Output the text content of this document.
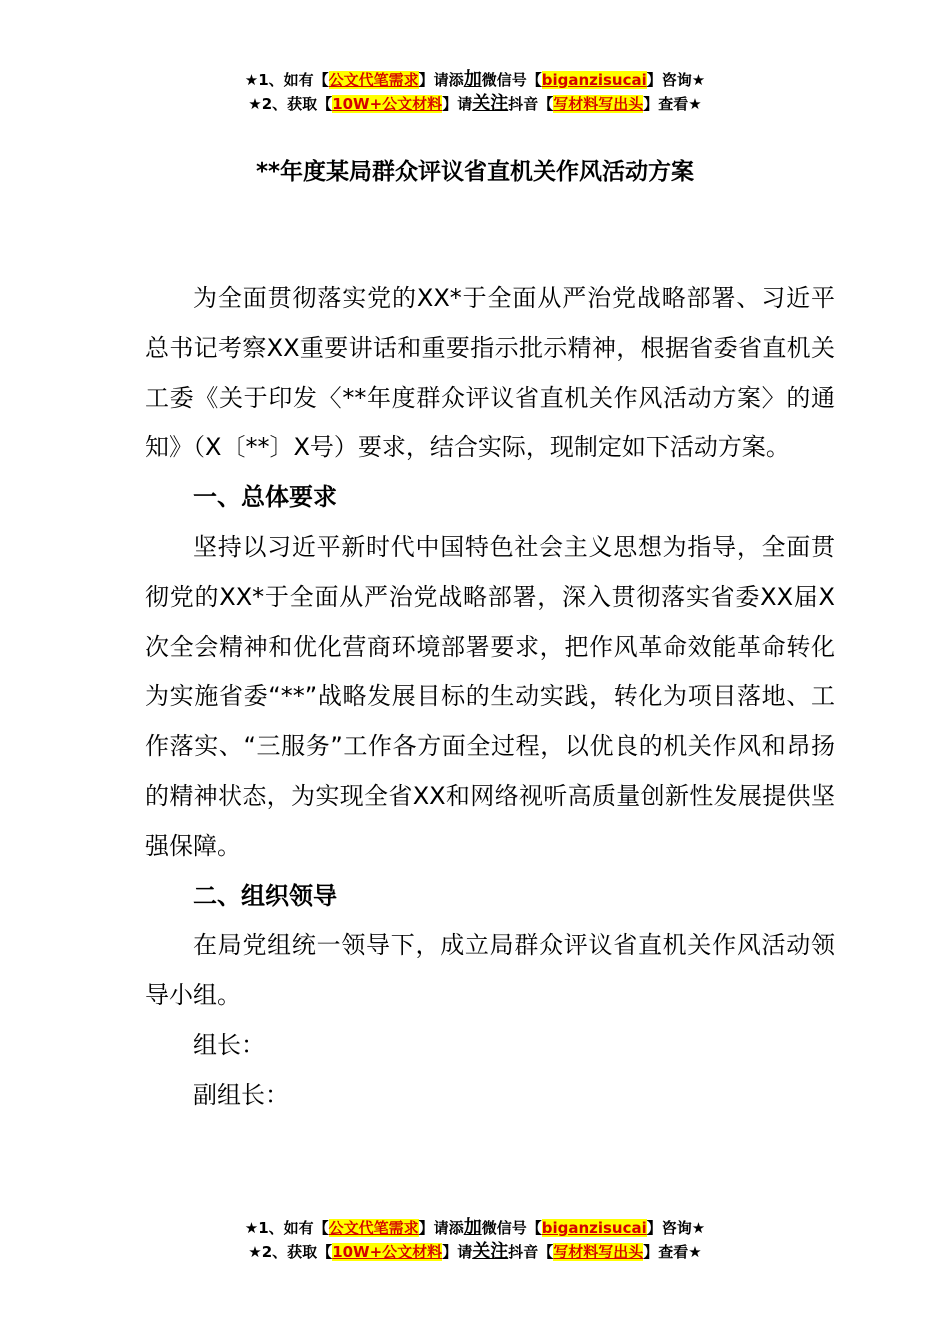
★1、如有【公文代笔需求】请添加微信号【biganzisucai】咨询★
★2、获取【10W+公文材料】请关注抖音【写材料写出头】查看★
**年度某局群众评议省直机关作风活动方案

为全面贯彻落实党的XX*于全面从严治党战略部署、习近平总书记考察XX重要讲话和重要指示批示精神，根据省委省直机关工委《关于印发〈**年度群众评议省直机关作风活动方案〉的通知》（X〔**〕X号）要求，结合实际，现制定如下活动方案。

一、总体要求

坚持以习近平新时代中国特色社会主义思想为指导，全面贯彻党的XX*于全面从严治党战略部署，深入贯彻落实省委XX届X次全会精神和优化营商环境部署要求，把作风革命效能革命转化为实施省委“**”战略发展目标的生动实践，转化为项目落地、工作落实、“三服务”工作各方面全过程，以优良的机关作风和昂扬的精神状态，为实现全省XX和网络视听高质量创新性发展提供坚强保障。

二、组织领导

在局党组统一领导下，成立局群众评议省直机关作风活动领导小组。

组长：

副组长：

★1、如有【公文代笔需求】请添加微信号【biganzisucai】咨询★
★2、获取【10W+公文材料】请关注抖音【写材料写出头】查看★
